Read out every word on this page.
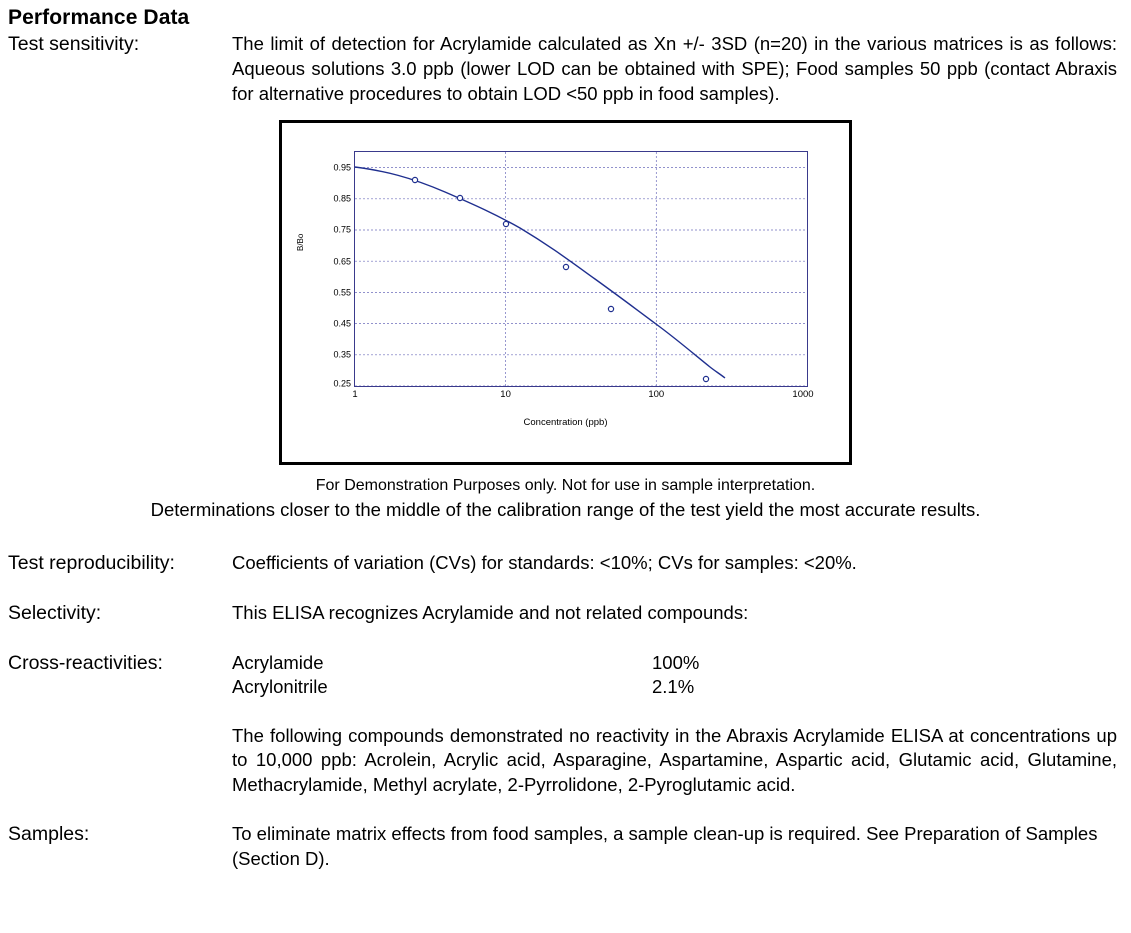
Performance Data
Test sensitivity:	The limit of detection for Acrylamide calculated as Xn +/- 3SD (n=20) in the various matrices is as follows: Aqueous solutions 3.0 ppb (lower LOD can be obtained with SPE); Food samples 50 ppb (contact Abraxis for alternative procedures to obtain LOD <50 ppb in food samples).
B/Bo
0.95
0.85
0.75
0.65
0.55
0.45
0.35
0.25
1	10	100	1000
Concentration (ppb)
For Demonstration Purposes only. Not for use in sample interpretation.
Determinations closer to the middle of the calibration range of the test yield the most accurate results.
Test reproducibility:	Coefficients of variation (CVs) for standards: <10%; CVs for samples: <20%.
Selectivity:	This ELISA recognizes Acrylamide and not related compounds:
Cross-reactivities:	Acrylamide	100%
Acrylonitrile	2.1%
The following compounds demonstrated no reactivity in the Abraxis Acrylamide ELISA at concentrations up to 10,000 ppb: Acrolein, Acrylic acid, Asparagine, Aspartamine, Aspartic acid, Glutamic acid, Glutamine, Methacrylamide, Methyl acrylate, 2-Pyrrolidone, 2-Pyroglutamic acid.
Samples:	To eliminate matrix effects from food samples, a sample clean-up is required. See Preparation of Samples (Section D).
